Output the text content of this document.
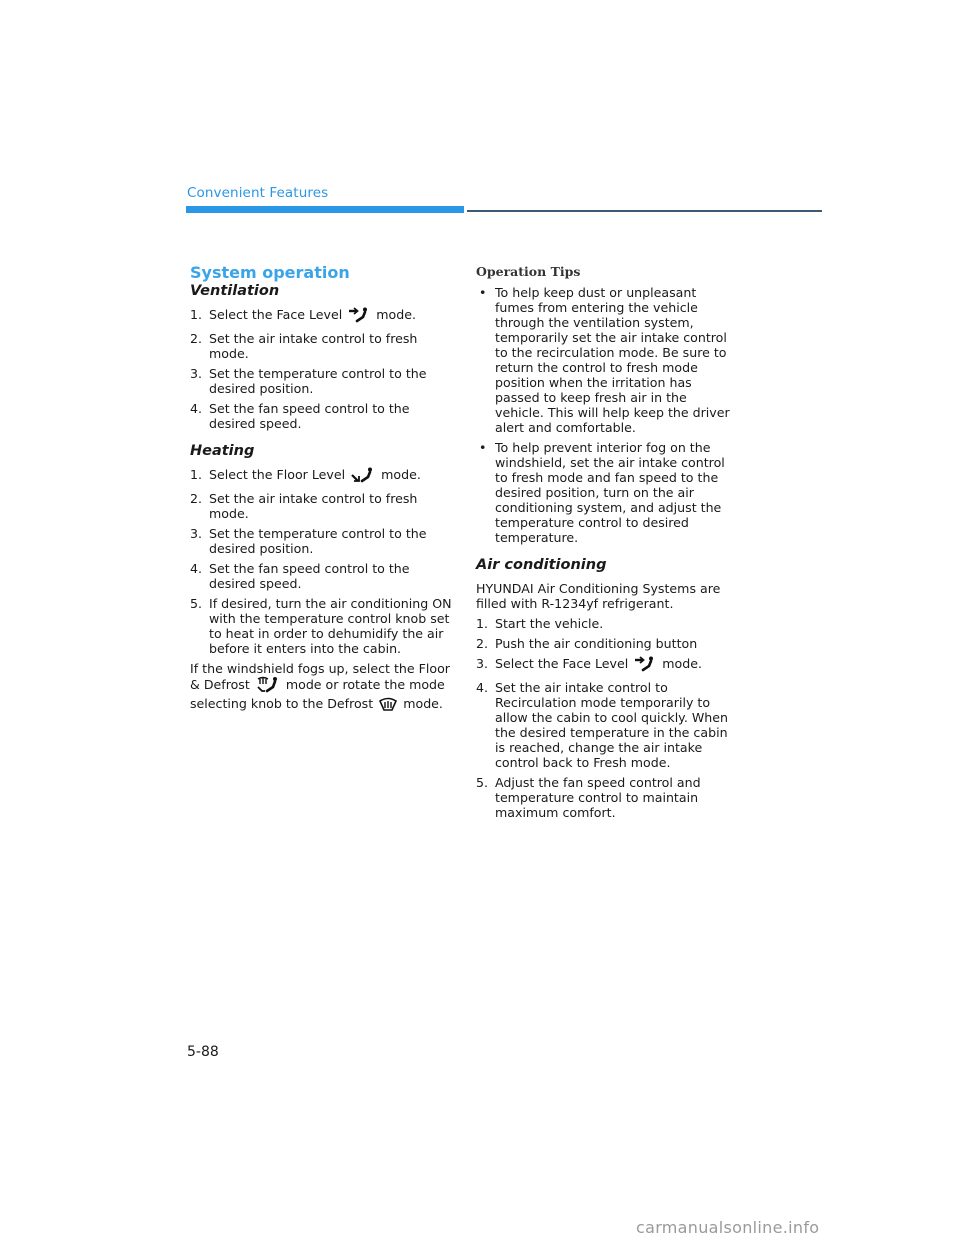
Convenient Features
System operation
Ventilation
1. Select the Face Level	mode.
2. Set the air intake control to fresh mode.
3. Set the temperature control to the desired position.
4. Set the fan speed control to the desired speed.
Heating
1. Select the Floor Level	mode.
2. Set the air intake control to fresh mode.
3. Set the temperature control to the desired position.
4. Set the fan speed control to the desired speed.
5. If desired, turn the air conditioning ON with the temperature control knob set to heat in order to dehumidify the air before it enters into the cabin.

If the windshield fogs up, select the Floor & Defrost	mode or rotate the mode selecting knob to the Defrost mode.

Operation Tips
• To help keep dust or unpleasant fumes from entering the vehicle through the ventilation system, temporarily set the air intake control to the recirculation mode. Be sure to return the control to fresh mode position when the irritation has passed to keep fresh air in the vehicle. This will help keep the driver alert and comfortable.
• To help prevent interior fog on the windshield, set the air intake control to fresh mode and fan speed to the desired position, turn on the air conditioning system, and adjust the temperature control to desired temperature.
Air conditioning

HYUNDAI Air Conditioning Systems are filled with R-1234yf refrigerant.

1. Start the vehicle.
2. Push the air conditioning button
3. Select the Face Level	mode.
4. Set the air intake control to Recirculation mode temporarily to allow the cabin to cool quickly. When the desired temperature in the cabin is reached, change the air intake control back to Fresh mode.
5. Adjust the fan speed control and temperature control to maintain maximum comfort.
5-88
carmanualsonline.info
